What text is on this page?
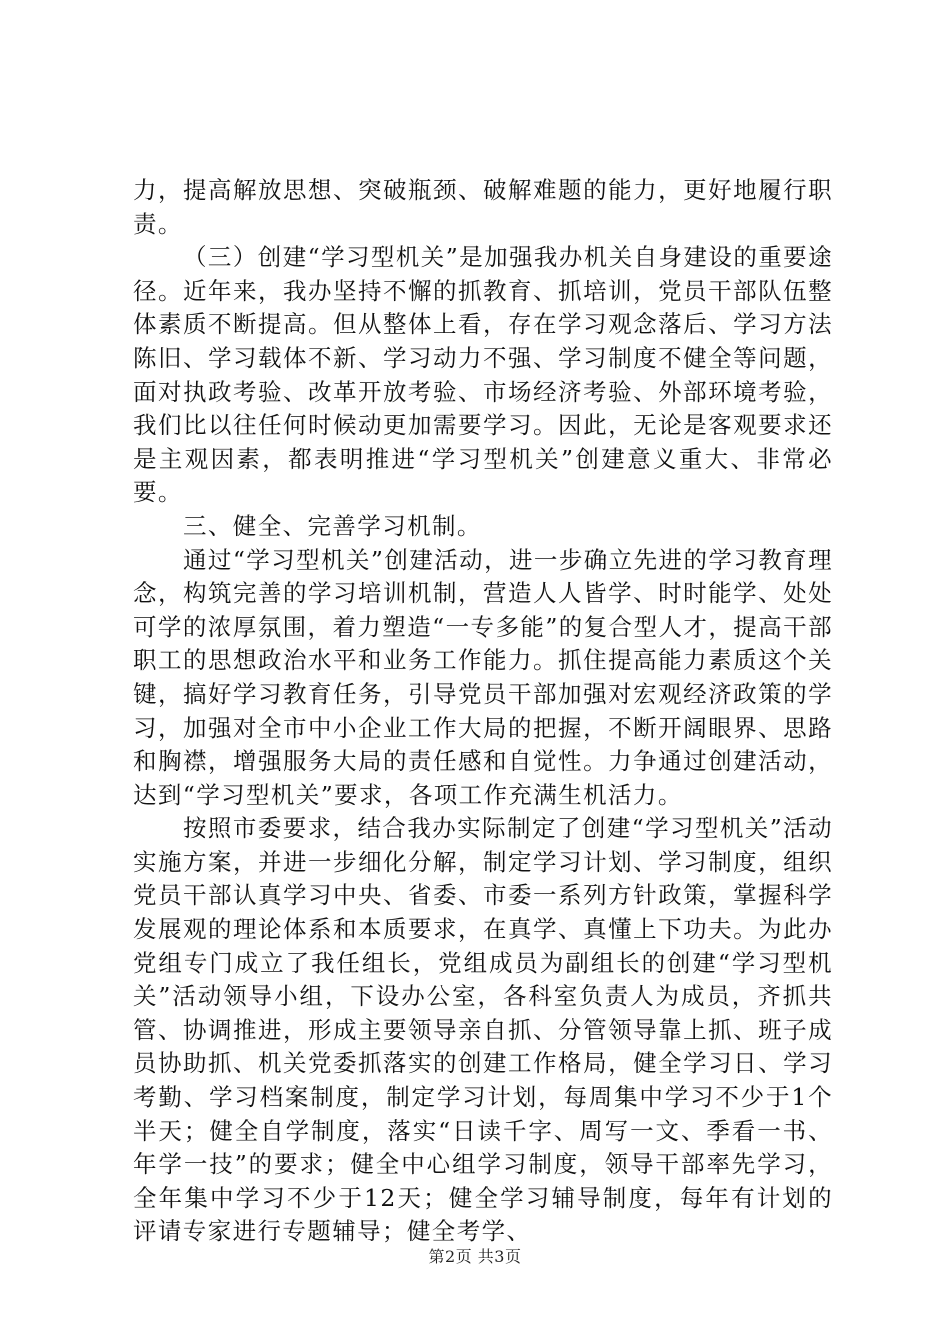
力，提高解放思想、突破瓶颈、破解难题的能力，更好地履行职责。

（三）创建“学习型机关”是加强我办机关自身建设的重要途径。近年来，我办坚持不懈的抓教育、抓培训，党员干部队伍整体素质不断提高。但从整体上看，存在学习观念落后、学习方法陈旧、学习载体不新、学习动力不强、学习制度不健全等问题，面对执政考验、改革开放考验、市场经济考验、外部环境考验，我们比以往任何时候动更加需要学习。因此，无论是客观要求还是主观因素，都表明推进“学习型机关”创建意义重大、非常必要。

三、健全、完善学习机制。

通过“学习型机关”创建活动，进一步确立先进的学习教育理念，构筑完善的学习培训机制，营造人人皆学、时时能学、处处可学的浓厚氛围，着力塑造“一专多能”的复合型人才，提高干部职工的思想政治水平和业务工作能力。抓住提高能力素质这个关键，搞好学习教育任务，引导党员干部加强对宏观经济政策的学习，加强对全市中小企业工作大局的把握，不断开阔眼界、思路和胸襟，增强服务大局的责任感和自觉性。力争通过创建活动，达到“学习型机关”要求，各项工作充满生机活力。

按照市委要求，结合我办实际制定了创建“学习型机关”活动实施方案，并进一步细化分解，制定学习计划、学习制度，组织党员干部认真学习中央、省委、市委一系列方针政策，掌握科学发展观的理论体系和本质要求，在真学、真懂上下功夫。为此办党组专门成立了我任组长，党组成员为副组长的创建“学习型机关”活动领导小组，下设办公室，各科室负责人为成员，齐抓共管、协调推进，形成主要领导亲自抓、分管领导靠上抓、班子成员协助抓、机关党委抓落实的创建工作格局，健全学习日、学习考勤、学习档案制度，制定学习计划，每周集中学习不少于1个半天；健全自学制度，落实“日读千字、周写一文、季看一书、年学一技”的要求；健全中心组学习制度，领导干部率先学习，全年集中学习不少于12天；健全学习辅导制度，每年有计划的评请专家进行专题辅导；健全考学、

第2页 共3页
